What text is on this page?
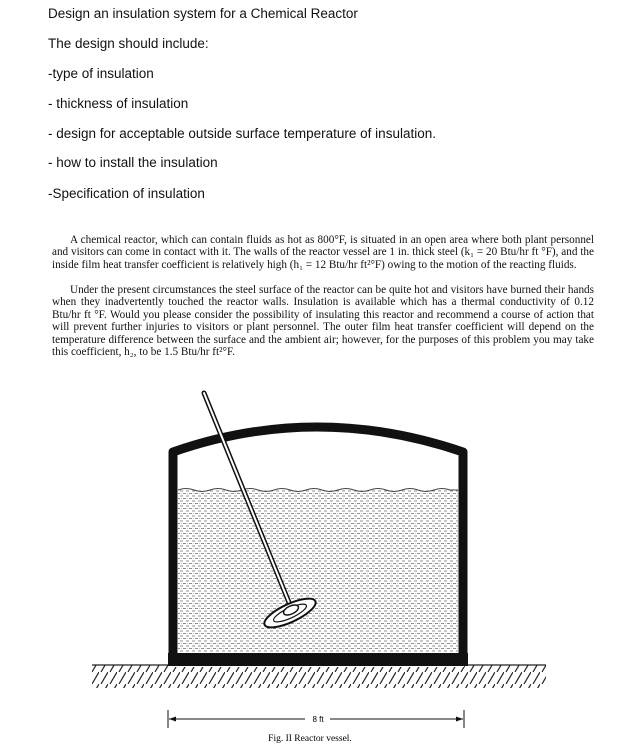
Design an insulation system for a Chemical Reactor
The design should include:
-type of insulation
- thickness of insulation
- design for acceptable outside surface temperature of insulation.
- how to install the insulation
-Specification of insulation

A chemical reactor, which can contain fluids as hot as 800°F, is situated in an open area where both plant personnel and visitors can come in contact with it. The walls of the reactor vessel are 1 in. thick steel (k₁ = 20 Btu/hr ft °F), and the inside film heat transfer coefficient is relatively high (h₁ = 12 Btu/hr ft²°F) owing to the motion of the reacting fluids.

Under the present circumstances the steel surface of the reactor can be quite hot and visitors have burned their hands when they inadvertently touched the reactor walls. Insulation is available which has a thermal conductivity of 0.12 Btu/hr ft °F. Would you please consider the possibility of insulating this reactor and recommend a course of action that will prevent further injuries to visitors or plant personnel. The outer film heat transfer coefficient will depend on the temperature difference between the surface and the ambient air; however, for the purposes of this problem you may take this coefficient, h₂, to be 1.5 Btu/hr ft²°F.

8 ft
Fig. II Reactor vessel.
